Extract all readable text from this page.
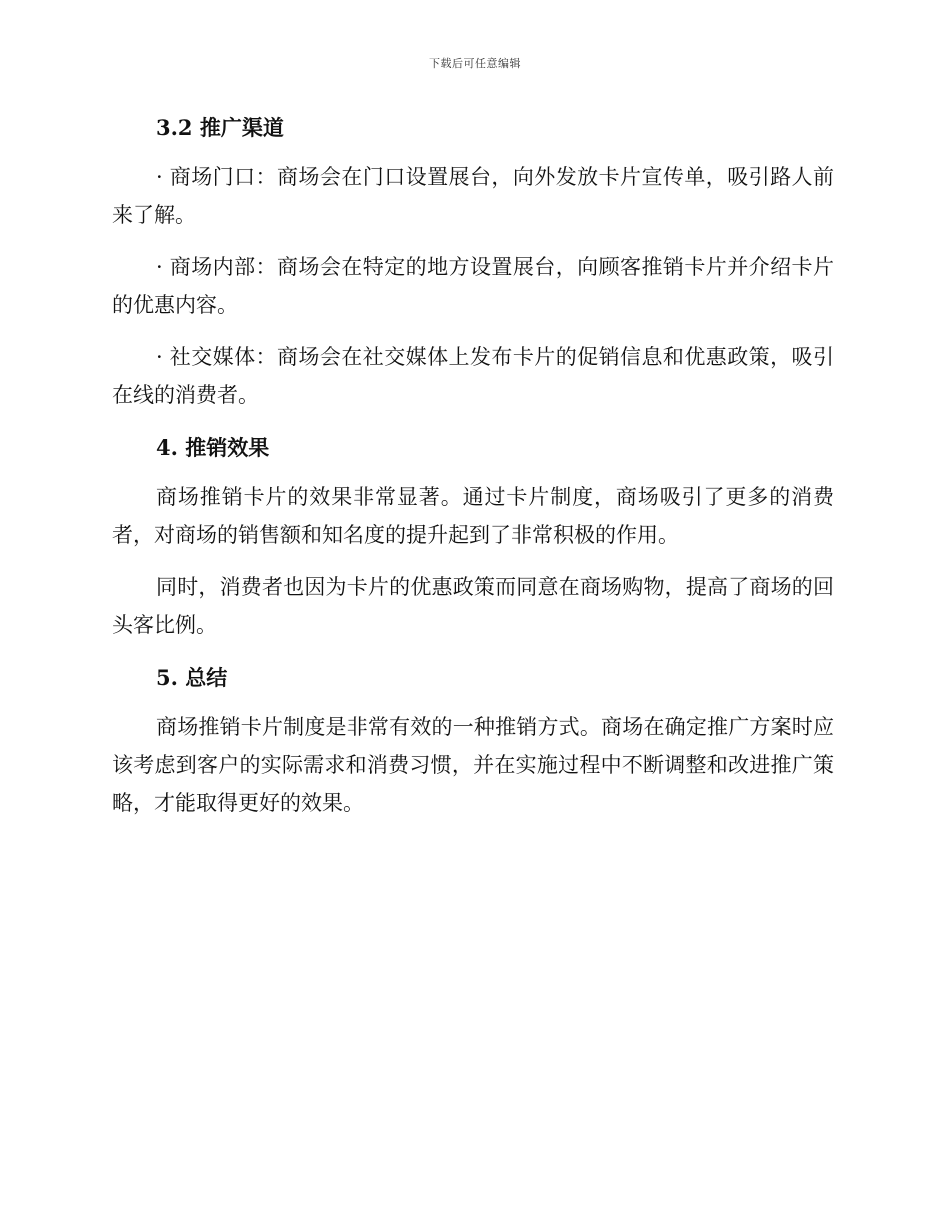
下载后可任意编辑
3.2 推广渠道

· 商场门口：商场会在门口设置展台，向外发放卡片宣传单，吸引路人前来了解。

· 商场内部：商场会在特定的地方设置展台，向顾客推销卡片并介绍卡片的优惠内容。

· 社交媒体：商场会在社交媒体上发布卡片的促销信息和优惠政策，吸引在线的消费者。

4. 推销效果

商场推销卡片的效果非常显著。通过卡片制度，商场吸引了更多的消费者，对商场的销售额和知名度的提升起到了非常积极的作用。

同时，消费者也因为卡片的优惠政策而同意在商场购物，提高了商场的回头客比例。

5. 总结

商场推销卡片制度是非常有效的一种推销方式。商场在确定推广方案时应该考虑到客户的实际需求和消费习惯，并在实施过程中不断调整和改进推广策略，才能取得更好的效果。
